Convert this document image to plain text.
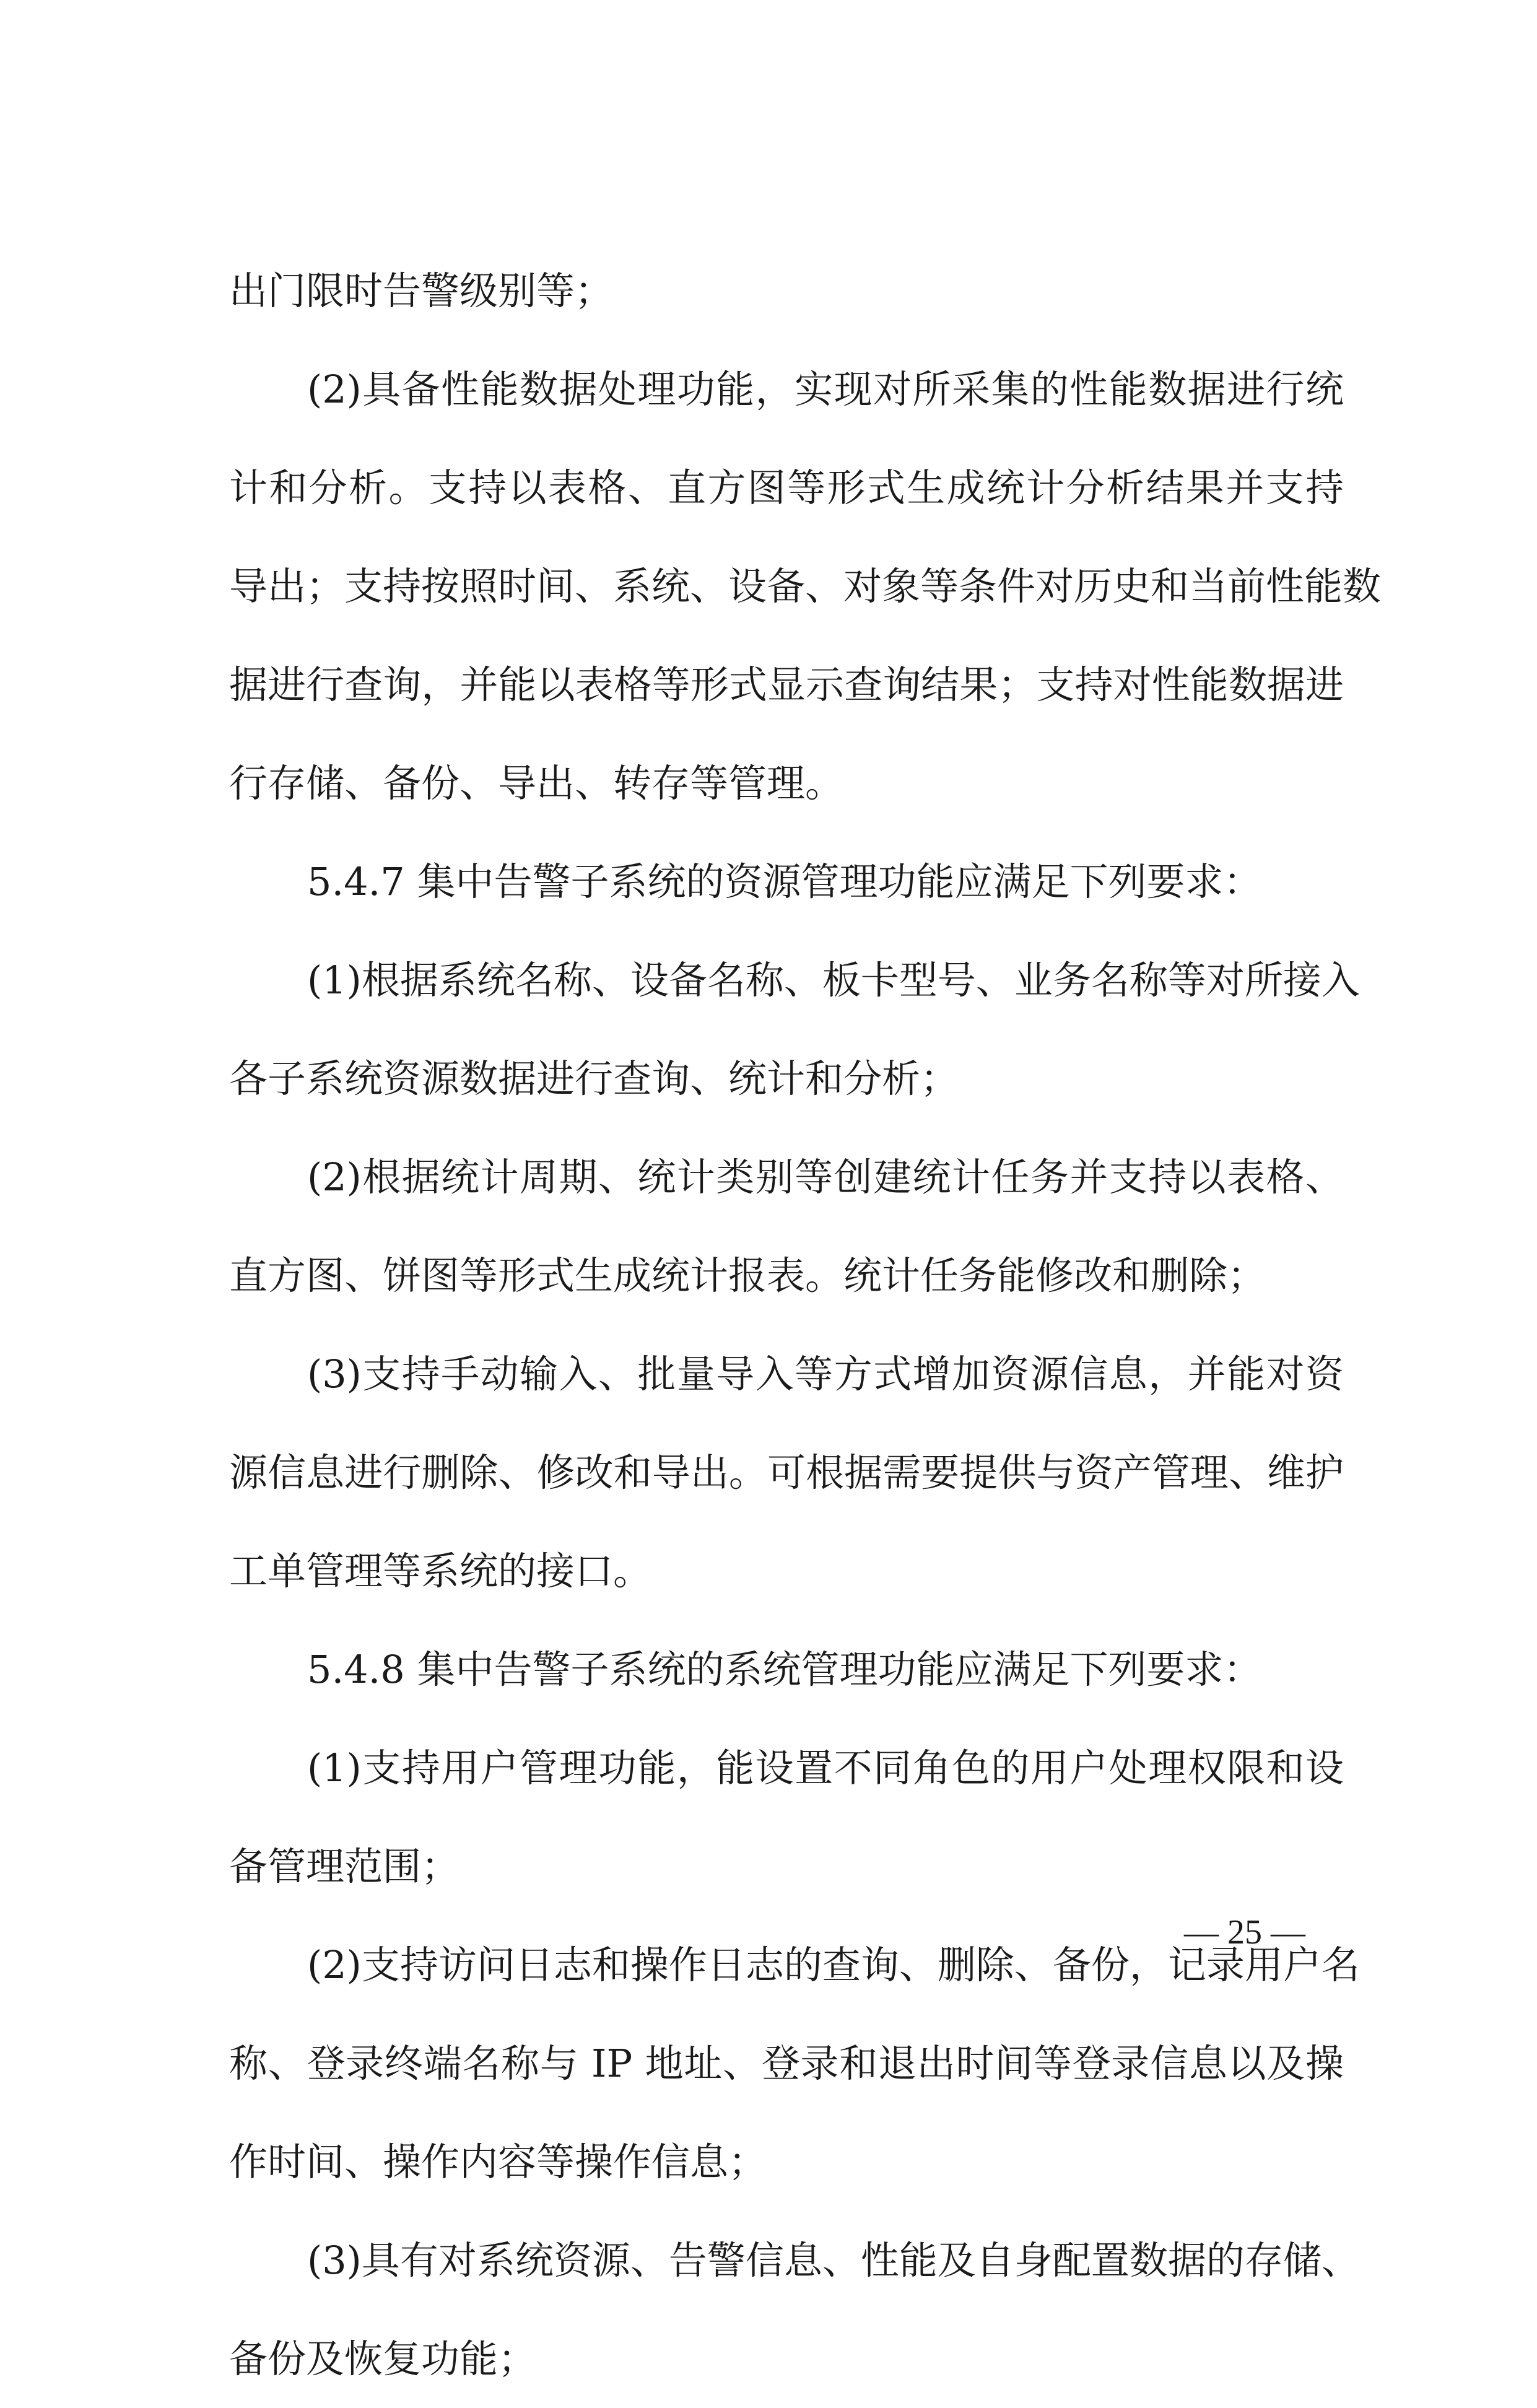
出门限时告警级别等；
(2)具备性能数据处理功能，实现对所采集的性能数据进行统
计和分析。支持以表格、直方图等形式生成统计分析结果并支持
导出；支持按照时间、系统、设备、对象等条件对历史和当前性能数
据进行查询，并能以表格等形式显示查询结果；支持对性能数据进
行存储、备份、导出、转存等管理。
5.4.7 集中告警子系统的资源管理功能应满足下列要求：
(1)根据系统名称、设备名称、板卡型号、业务名称等对所接入
各子系统资源数据进行查询、统计和分析；
(2)根据统计周期、统计类别等创建统计任务并支持以表格、
直方图、饼图等形式生成统计报表。统计任务能修改和删除；
(3)支持手动输入、批量导入等方式增加资源信息，并能对资
源信息进行删除、修改和导出。可根据需要提供与资产管理、维护
工单管理等系统的接口。
5.4.8 集中告警子系统的系统管理功能应满足下列要求：
(1)支持用户管理功能，能设置不同角色的用户处理权限和设
备管理范围；
(2)支持访问日志和操作日志的查询、删除、备份，记录用户名
称、登录终端名称与 IP 地址、登录和退出时间等登录信息以及操
作时间、操作内容等操作信息；
(3)具有对系统资源、告警信息、性能及自身配置数据的存储、
备份及恢复功能；
— 25 —
